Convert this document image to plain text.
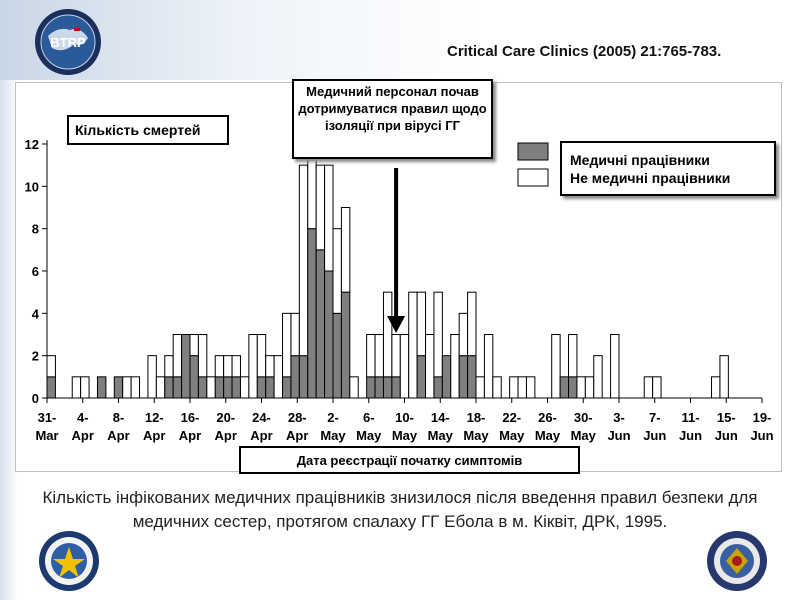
BTRP
Critical Care Clinics (2005) 21:765-783.
0
2
4
6
8
10
12
31-
Mar
4-
Apr
8-
Apr
12-
Apr
16-
Apr
20-
Apr
24-
Apr
28-
Apr
2-
May
6-
May
10-
May
14-
May
18-
May
22-
May
26-
May
30-
May
3-
Jun
7-
Jun
11-
Jun
15-
Jun
19-
Jun
Кількість смертей
Медичний персонал почав дотримуватися правил щодо ізоляції при вірусі ГГ
Медичні працівники
Не медичні працівники
Дата реєстрації початку симптомів
Кількість інфікованих медичних працівників знизилося після введення правил безпеки для медичних сестер, протягом спалаху ГГ Ебола в м. Кіквіт, ДРК, 1995.
